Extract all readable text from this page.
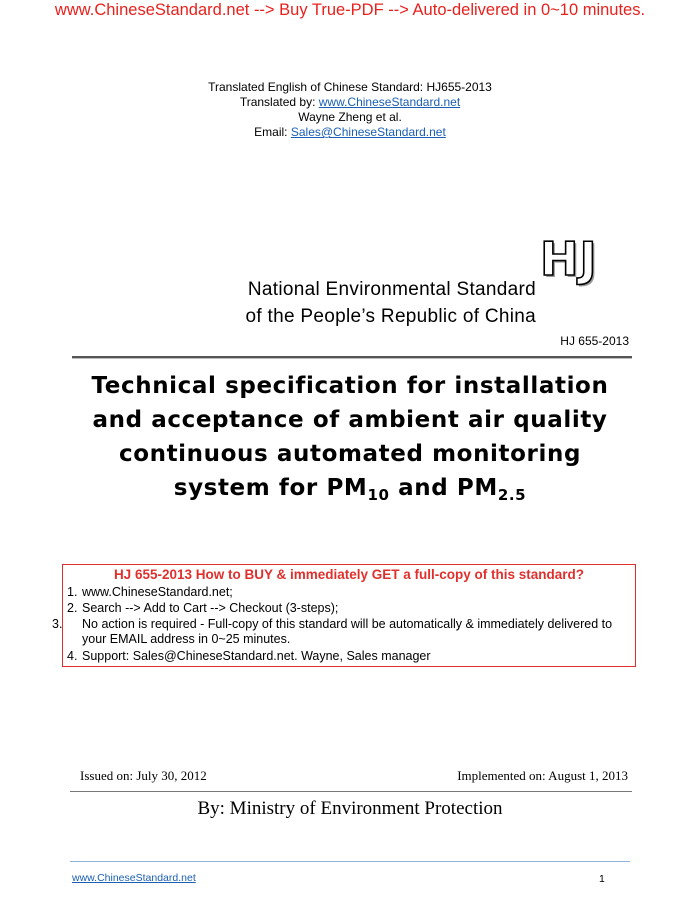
www.ChineseStandard.net --> Buy True-PDF --> Auto-delivered in 0~10 minutes.
Translated English of Chinese Standard: HJ655-2013
Translated by: www.ChineseStandard.net
Wayne Zheng et al.
Email: Sales@ChineseStandard.net
HJ
National Environmental Standard
of the People’s Republic of China
HJ 655-2013
Technical specification for installation
and acceptance of ambient air quality
continuous automated monitoring
system for $PM_{10}$ and $PM_{2.5}$
HJ 655-2013 How to BUY & immediately GET a full-copy of this standard?
1. www.ChineseStandard.net;
2. Search --> Add to Cart --> Checkout (3-steps);
3. No action is required - Full-copy of this standard will be automatically & immediately delivered to your EMAIL address in 0~25 minutes.
4. Support: Sales@ChineseStandard.net. Wayne, Sales manager
Issued on: July 30, 2012	Implemented on: August 1, 2013
By: Ministry of Environment Protection
www.ChineseStandard.net	1
